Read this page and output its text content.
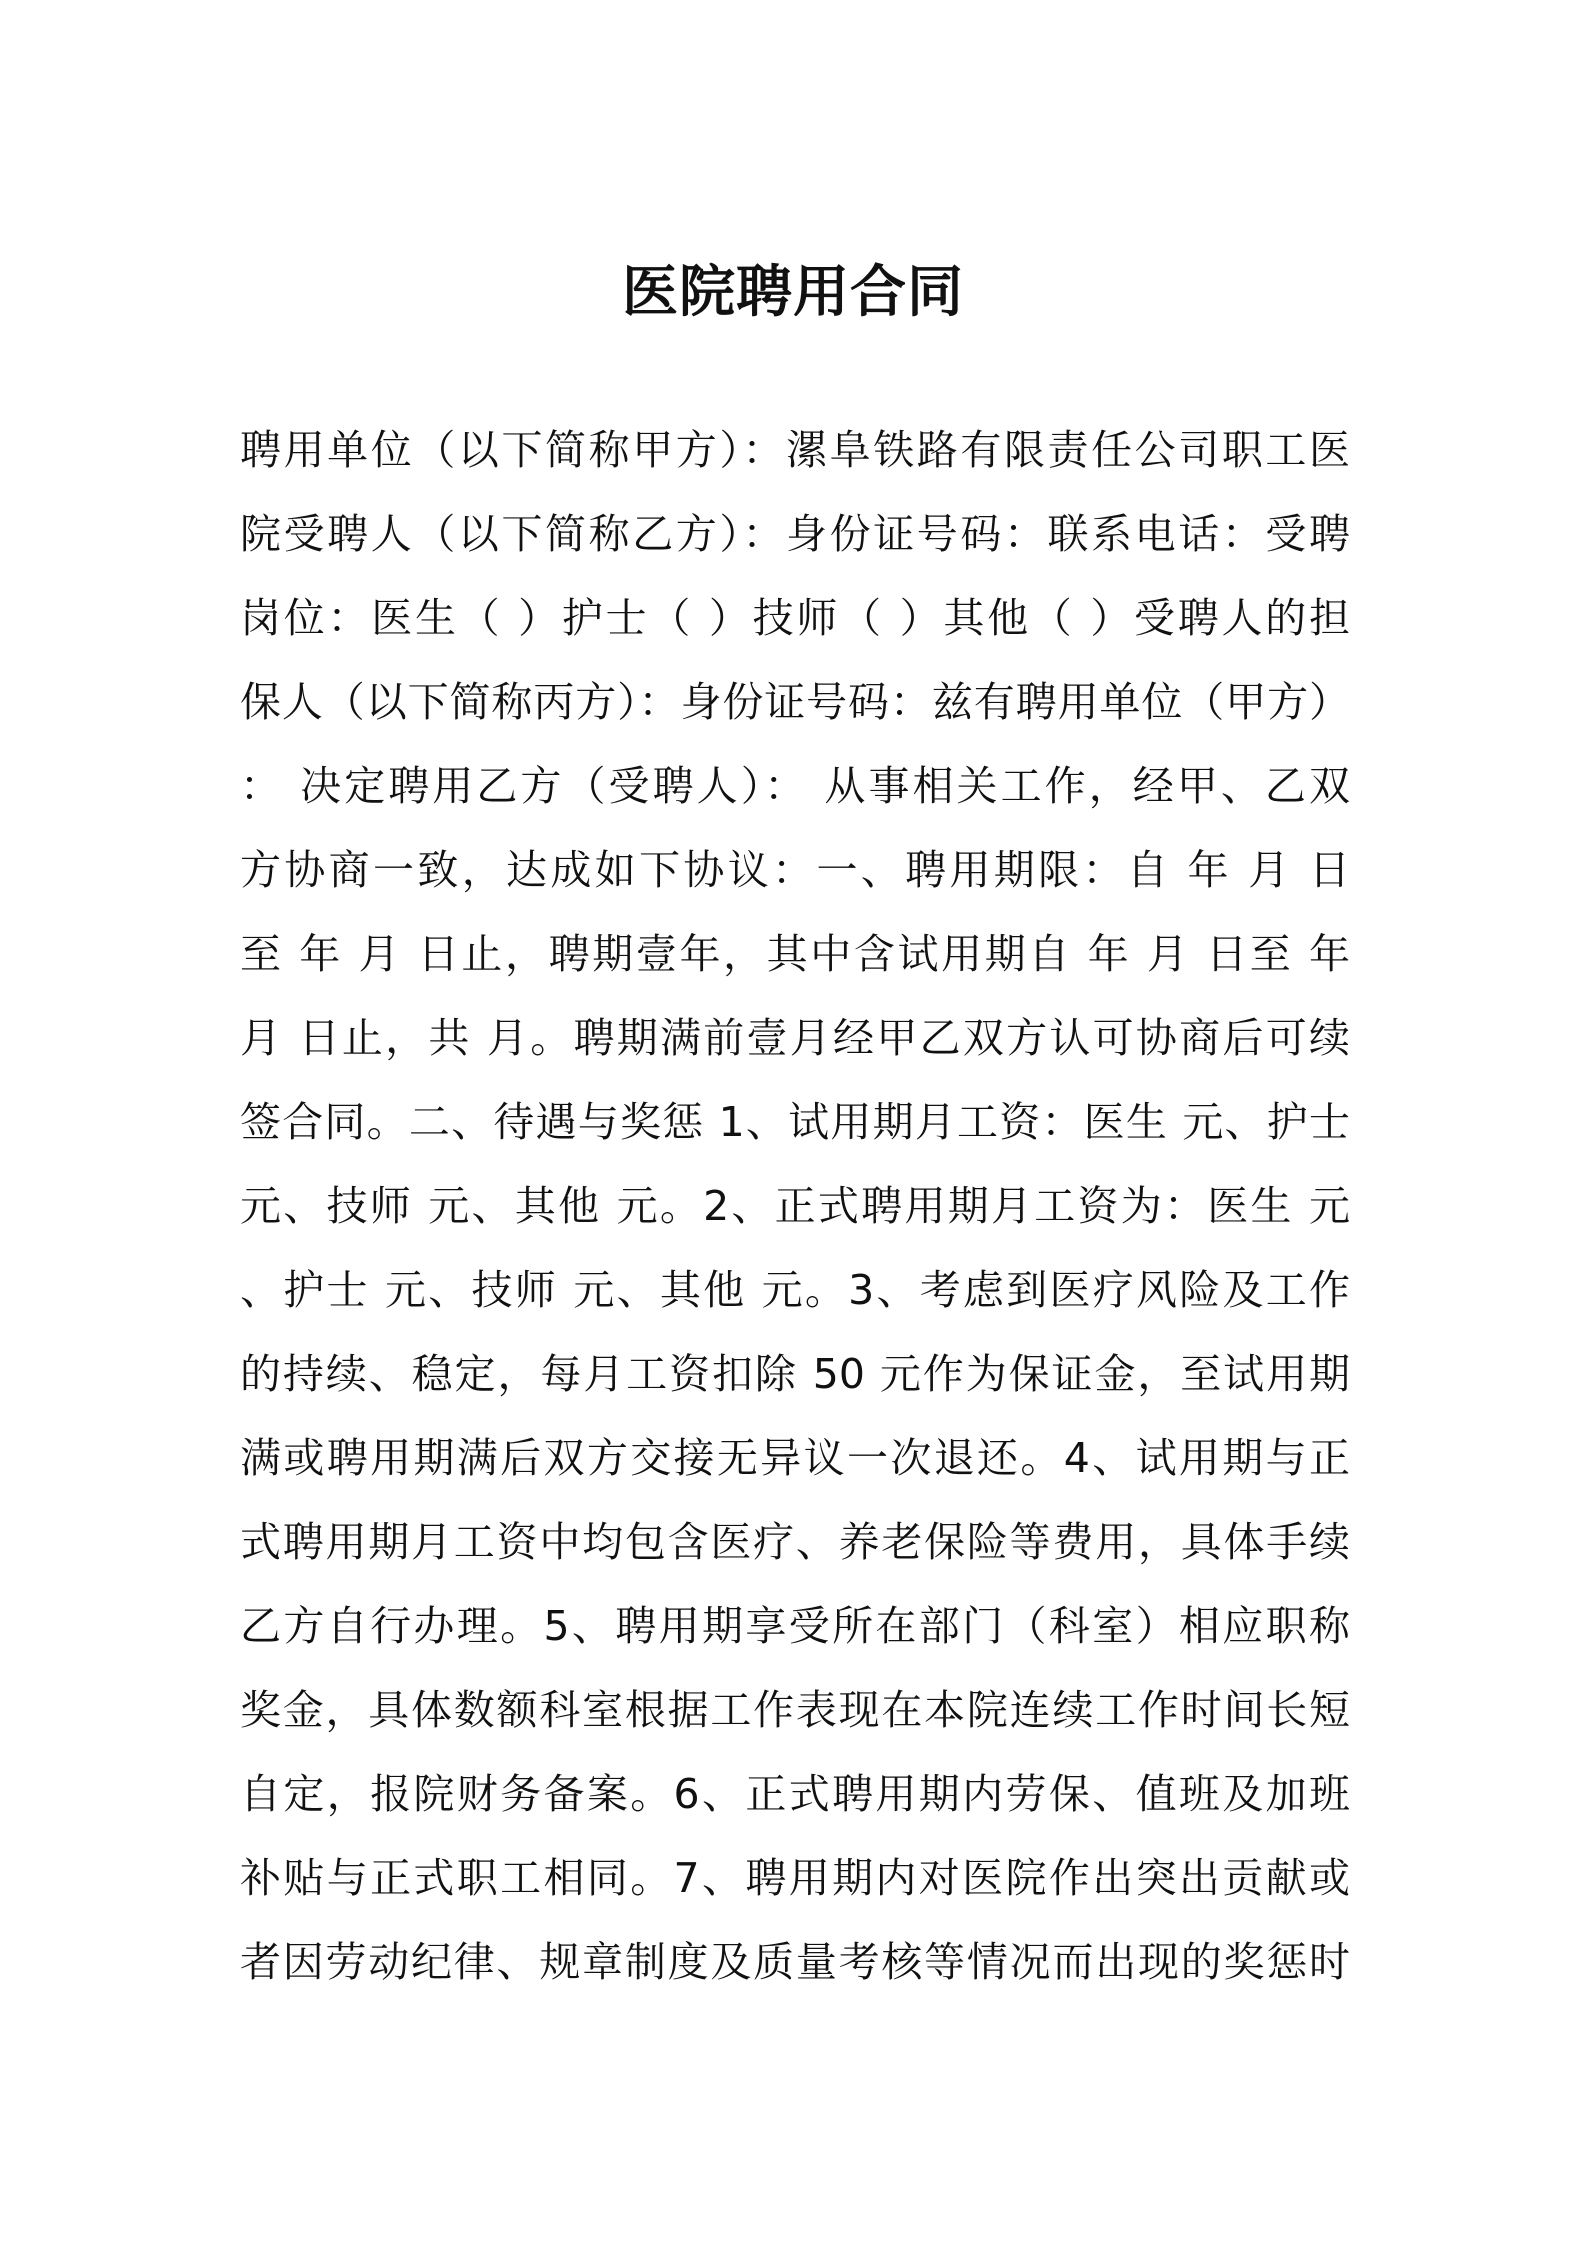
医院聘用合同
聘用单位（以下简称甲方）：漯阜铁路有限责任公司职工医
院受聘人（以下简称乙方）：身份证号码：联系电话：受聘
岗位：医生（ ）护士（ ）技师（ ）其他（ ）受聘人的担
保人（以下简称丙方）：身份证号码：兹有聘用单位（甲方）
： 决定聘用乙方（受聘人）： 从事相关工作，经甲、乙双
方协商一致，达成如下协议：一、聘用期限：自 年 月 日
至 年 月 日止，聘期壹年，其中含试用期自 年 月 日至 年
月 日止，共 月。聘期满前壹月经甲乙双方认可协商后可续
签合同。二、待遇与奖惩 1、试用期月工资：医生 元、护士
元、技师 元、其他 元。2、正式聘用期月工资为：医生 元
、护士 元、技师 元、其他 元。3、考虑到医疗风险及工作
的持续、稳定，每月工资扣除 50 元作为保证金，至试用期
满或聘用期满后双方交接无异议一次退还。4、试用期与正
式聘用期月工资中均包含医疗、养老保险等费用，具体手续
乙方自行办理。5、聘用期享受所在部门（科室）相应职称
奖金，具体数额科室根据工作表现在本院连续工作时间长短
自定，报院财务备案。6、正式聘用期内劳保、值班及加班
补贴与正式职工相同。7、聘用期内对医院作出突出贡献或
者因劳动纪律、规章制度及质量考核等情况而出现的奖惩时
